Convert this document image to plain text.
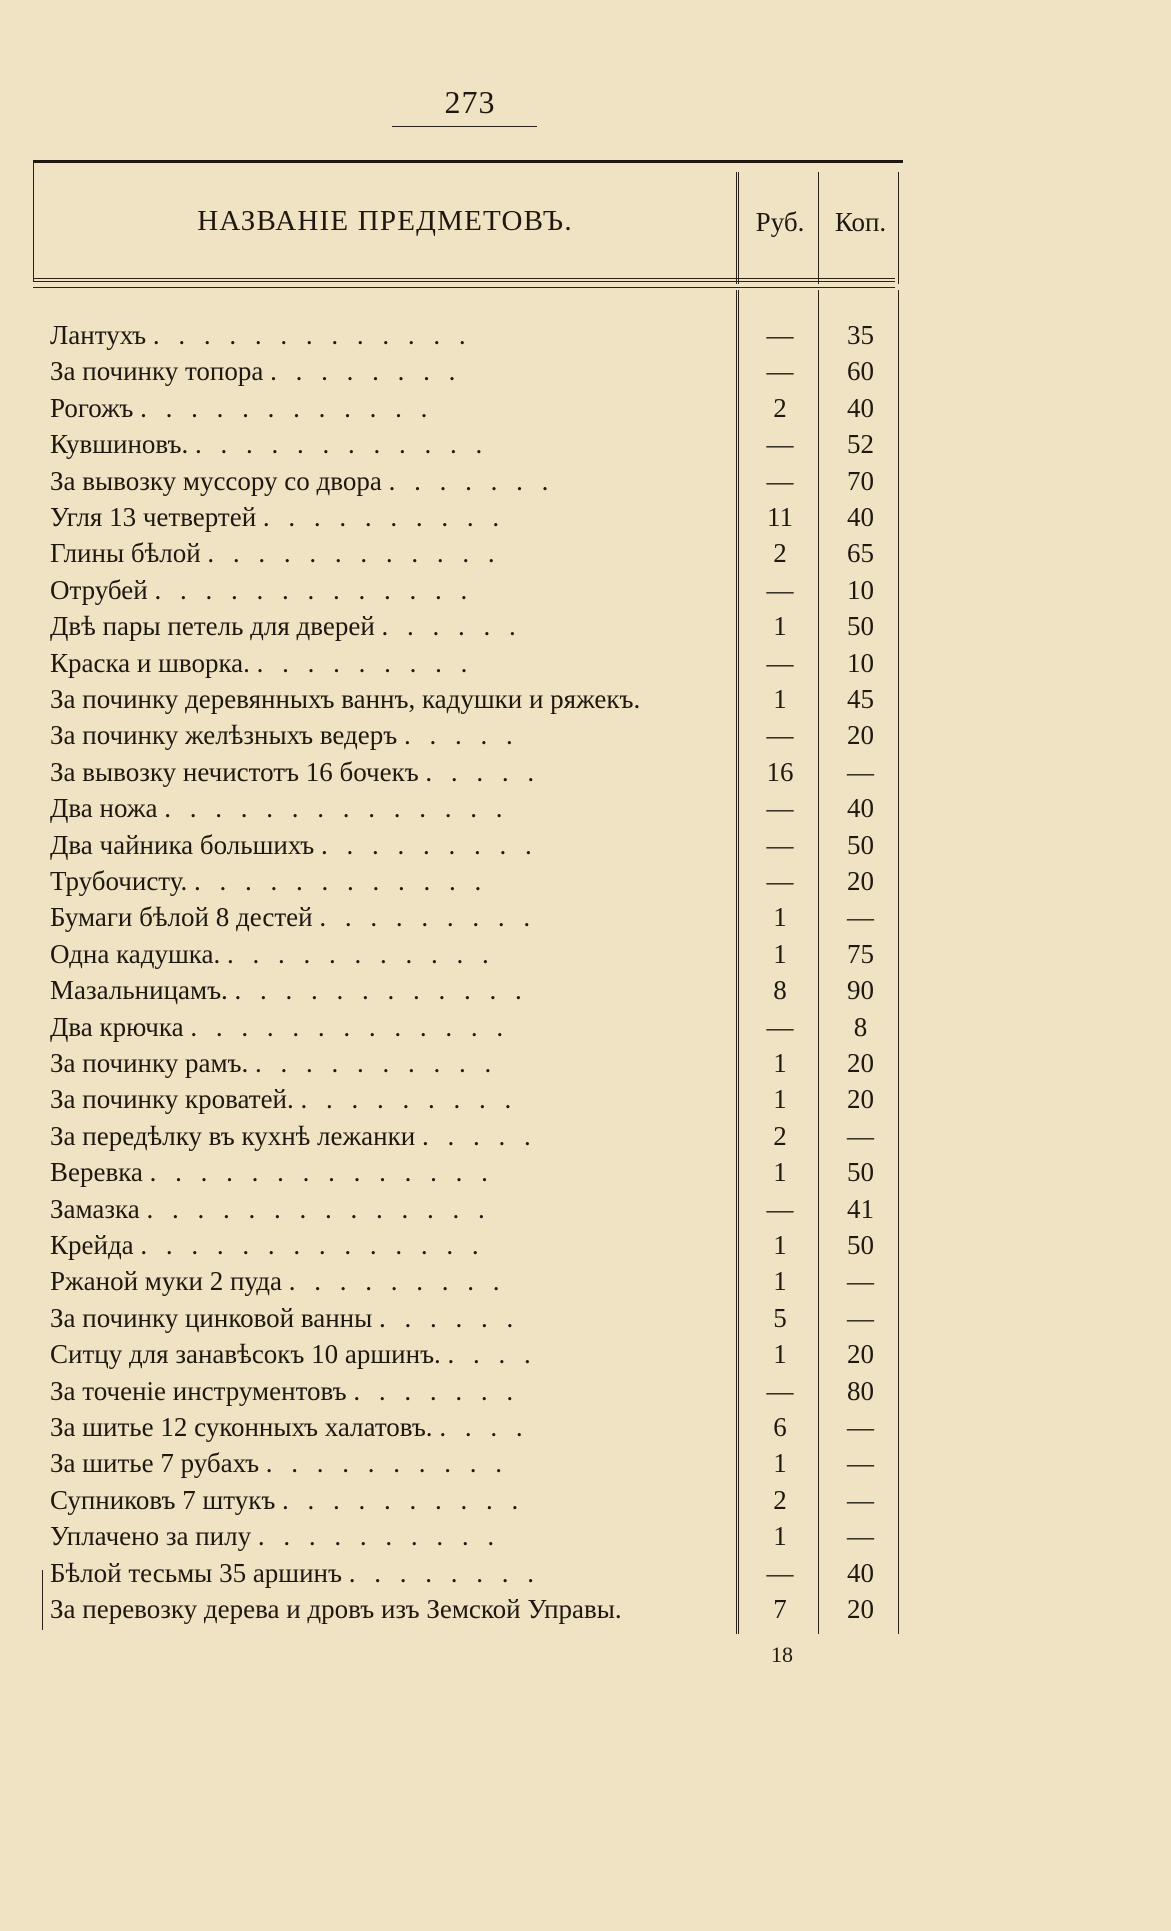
273
НАЗВАНІЕ ПРЕДМЕТОВЪ.	Руб.	Коп.
Лантухъ . . . . . . . . . . . . .	—	35
За починку топора . . . . . . . .	—	60
Рогожъ . . . . . . . . . . . .	2	40
Кувшиновъ. . . . . . . . . . . . .	—	52
За вывозку муссору со двора . . . . . . .	—	70
Угля 13 четвертей . . . . . . . . . .	11	40
Глины бѣлой . . . . . . . . . . . .	2	65
Отрубей . . . . . . . . . . . . .	—	10
Двѣ пары петель для дверей . . . . . .	1	50
Краска и шворка. . . . . . . . . .	—	10
За починку деревянныхъ ваннъ, кадушки и ряжекъ.	1	45
За починку желѣзныхъ ведеръ . . . . .	—	20
За вывозку нечистотъ 16 бочекъ . . . . .	16	—
Два ножа . . . . . . . . . . . . . .	—	40
Два чайника большихъ . . . . . . . . .	—	50
Трубочисту. . . . . . . . . . . . .	—	20
Бумаги бѣлой 8 дестей . . . . . . . . .	1	—
Одна кадушка. . . . . . . . . . . .	1	75
Мазальницамъ. . . . . . . . . . . . .	8	90
Два крючка . . . . . . . . . . . . .	—	8
За починку рамъ. . . . . . . . . . .	1	20
За починку кроватей. . . . . . . . . .	1	20
За передѣлку въ кухнѣ лежанки . . . . .	2	—
Веревка . . . . . . . . . . . . . .	1	50
Замазка . . . . . . . . . . . . . .	—	41
Крейда . . . . . . . . . . . . . .	1	50
Ржаной муки 2 пуда . . . . . . . . .	1	—
За починку цинковой ванны . . . . . .	5	—
Ситцу для занавѣсокъ 10 аршинъ. . . . .	1	20
За точеніе инструментовъ . . . . . . .	—	80
За шитье 12 суконныхъ халатовъ. . . . .	6	—
За шитье 7 рубахъ . . . . . . . . . .	1	—
Супниковъ 7 штукъ . . . . . . . . . .	2	—
Уплачено за пилу . . . . . . . . . .	1	—
Бѣлой тесьмы 35 аршинъ . . . . . . . .	—	40
За перевозку дерева и дровъ изъ Земской Управы.	7	20
18
